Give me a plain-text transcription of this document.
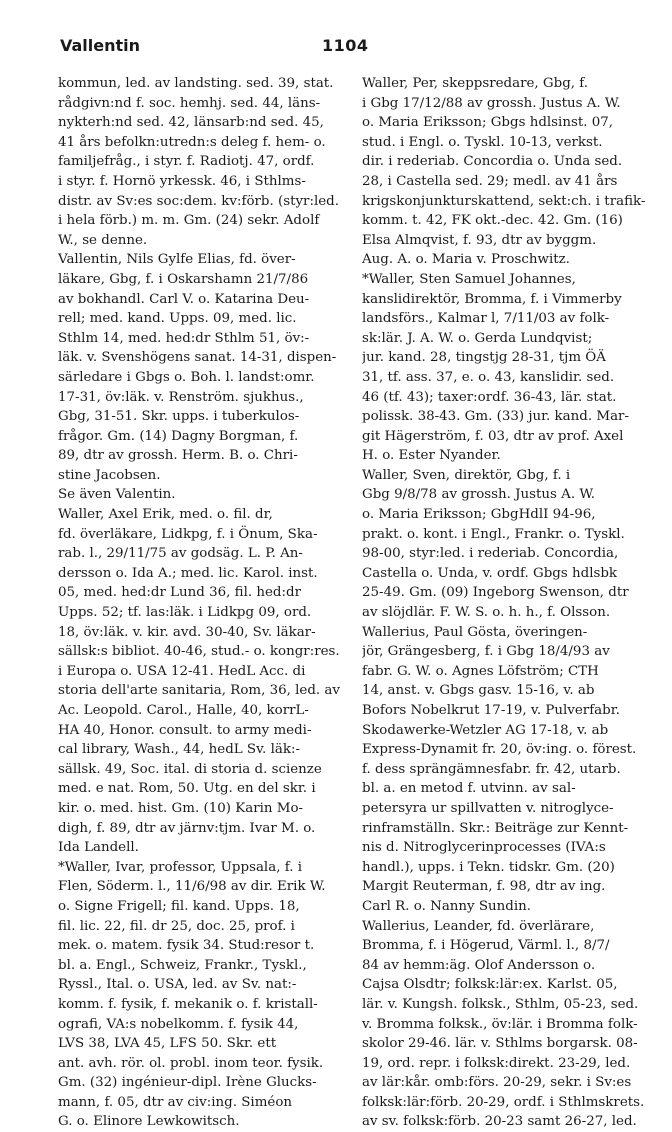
Vallentin	1104
kommun, led. av landsting. sed. 39, stat.
rådgivn:nd f. soc. hemhj. sed. 44, läns-
nykterh:nd sed. 42, länsarb:nd sed. 45,
41 års befolkn:utredn:s deleg f. hem- o.
familjefråg., i styr. f. Radiotj. 47, ordf.
i styr. f. Hornö yrkessk. 46, i Sthlms-
distr. av Sv:es soc:dem. kv:förb. (styr:led.
i hela förb.) m. m. Gm. (24) sekr. Adolf
W., se denne.
Vallentin, Nils Gylfe Elias, fd. över-
läkare, Gbg, f. i Oskarshamn 21/7/86
av bokhandl. Carl V. o. Katarina Deu-
rell; med. kand. Upps. 09, med. lic.
Sthlm 14, med. hed:dr Sthlm 51, öv:-
läk. v. Svenshögens sanat. 14-31, dispen-
särledare i Gbgs o. Boh. l. landst:omr.
17-31, öv:läk. v. Renström. sjukhus.,
Gbg, 31-51. Skr. upps. i tuberkulos-
frågor. Gm. (14) Dagny Borgman, f.
89, dtr av grossh. Herm. B. o. Chri-
stine Jacobsen.
Se även Valentin.
Waller, Axel Erik, med. o. fil. dr,
fd. överläkare, Lidkpg, f. i Önum, Ska-
rab. l., 29/11/75 av godsäg. L. P. An-
dersson o. Ida A.; med. lic. Karol. inst.
05, med. hed:dr Lund 36, fil. hed:dr
Upps. 52; tf. las:läk. i Lidkpg 09, ord.
18, öv:läk. v. kir. avd. 30-40, Sv. läkar-
sällsk:s bibliot. 40-46, stud.- o. kongr:res.
i Europa o. USA 12-41. HedL Acc. di
storia dell'arte sanitaria, Rom, 36, led. av
Ac. Leopold. Carol., Halle, 40, korrL-
HA 40, Honor. consult. to army medi-
cal library, Wash., 44, hedL Sv. läk:-
sällsk. 49, Soc. ital. di storia d. scienze
med. e nat. Rom, 50. Utg. en del skr. i
kir. o. med. hist. Gm. (10) Karin Mo-
digh, f. 89, dtr av järnv:tjm. Ivar M. o.
Ida Landell.
*Waller, Ivar, professor, Uppsala, f. i
Flen, Söderm. l., 11/6/98 av dir. Erik W.
o. Signe Frigell; fil. kand. Upps. 18,
fil. lic. 22, fil. dr 25, doc. 25, prof. i
mek. o. matem. fysik 34. Stud:resor t.
bl. a. Engl., Schweiz, Frankr., Tyskl.,
Ryssl., Ital. o. USA, led. av Sv. nat:-
komm. f. fysik, f. mekanik o. f. kristall-
ografi, VA:s nobelkomm. f. fysik 44,
LVS 38, LVA 45, LFS 50. Skr. ett
ant. avh. rör. ol. probl. inom teor. fysik.
Gm. (32) ingénieur-dipl. Irène Glucks-
mann, f. 05, dtr av civ:ing. Siméon
G. o. Elinore Lewkowitsch.
Waller, Per, skeppsredare, Gbg, f.
i Gbg 17/12/88 av grossh. Justus A. W.
o. Maria Eriksson; Gbgs hdlsinst. 07,
stud. i Engl. o. Tyskl. 10-13, verkst.
dir. i rederiab. Concordia o. Unda sed.
28, i Castella sed. 29; medl. av 41 års
krigskonjunkturskattend, sekt:ch. i trafik-
komm. t. 42, FK okt.-dec. 42. Gm. (16)
Elsa Almqvist, f. 93, dtr av byggm.
Aug. A. o. Maria v. Proschwitz.
*Waller, Sten Samuel Johannes,
kanslidirektör, Bromma, f. i Vimmerby
landsförs., Kalmar l, 7/11/03 av folk-
sk:lär. J. A. W. o. Gerda Lundqvist;
jur. kand. 28, tingstjg 28-31, tjm ÖÄ
31, tf. ass. 37, e. o. 43, kanslidir. sed.
46 (tf. 43); taxer:ordf. 36-43, lär. stat.
polissk. 38-43. Gm. (33) jur. kand. Mar-
git Hägerström, f. 03, dtr av prof. Axel
H. o. Ester Nyander.
Waller, Sven, direktör, Gbg, f. i
Gbg 9/8/78 av grossh. Justus A. W.
o. Maria Eriksson; GbgHdlI 94-96,
prakt. o. kont. i Engl., Frankr. o. Tyskl.
98-00, styr:led. i rederiab. Concordia,
Castella o. Unda, v. ordf. Gbgs hdlsbk
25-49. Gm. (09) Ingeborg Swenson, dtr
av slöjdlär. F. W. S. o. h. h., f. Olsson.
Wallerius, Paul Gösta, överingen-
jör, Grängesberg, f. i Gbg 18/4/93 av
fabr. G. W. o. Agnes Löfström; CTH
14, anst. v. Gbgs gasv. 15-16, v. ab
Bofors Nobelkrut 17-19, v. Pulverfabr.
Skodawerke-Wetzler AG 17-18, v. ab
Express-Dynamit fr. 20, öv:ing. o. förest.
f. dess sprängämnesfabr. fr. 42, utarb.
bl. a. en metod f. utvinn. av sal-
petersyra ur spillvatten v. nitroglyce-
rinframställn. Skr.: Beiträge zur Kennt-
nis d. Nitroglycerinprocesses (IVA:s
handl.), upps. i Tekn. tidskr. Gm. (20)
Margit Reuterman, f. 98, dtr av ing.
Carl R. o. Nanny Sundin.
Wallerius, Leander, fd. överlärare,
Bromma, f. i Högerud, Värml. l., 8/7/
84 av hemm:äg. Olof Andersson o.
Cajsa Olsdtr; folksk:lär:ex. Karlst. 05,
lär. v. Kungsh. folksk., Sthlm, 05-23, sed.
v. Bromma folksk., öv:lär. i Bromma folk-
skolor 29-46. lär. v. Sthlms borgarsk. 08-
19, ord. repr. i folksk:direkt. 23-29, led.
av lär:kår. omb:förs. 20-29, sekr. i Sv:es
folksk:lär:förb. 20-29, ordf. i Sthlmskrets.
av sv. folksk:förb. 20-23 samt 26-27, led.
